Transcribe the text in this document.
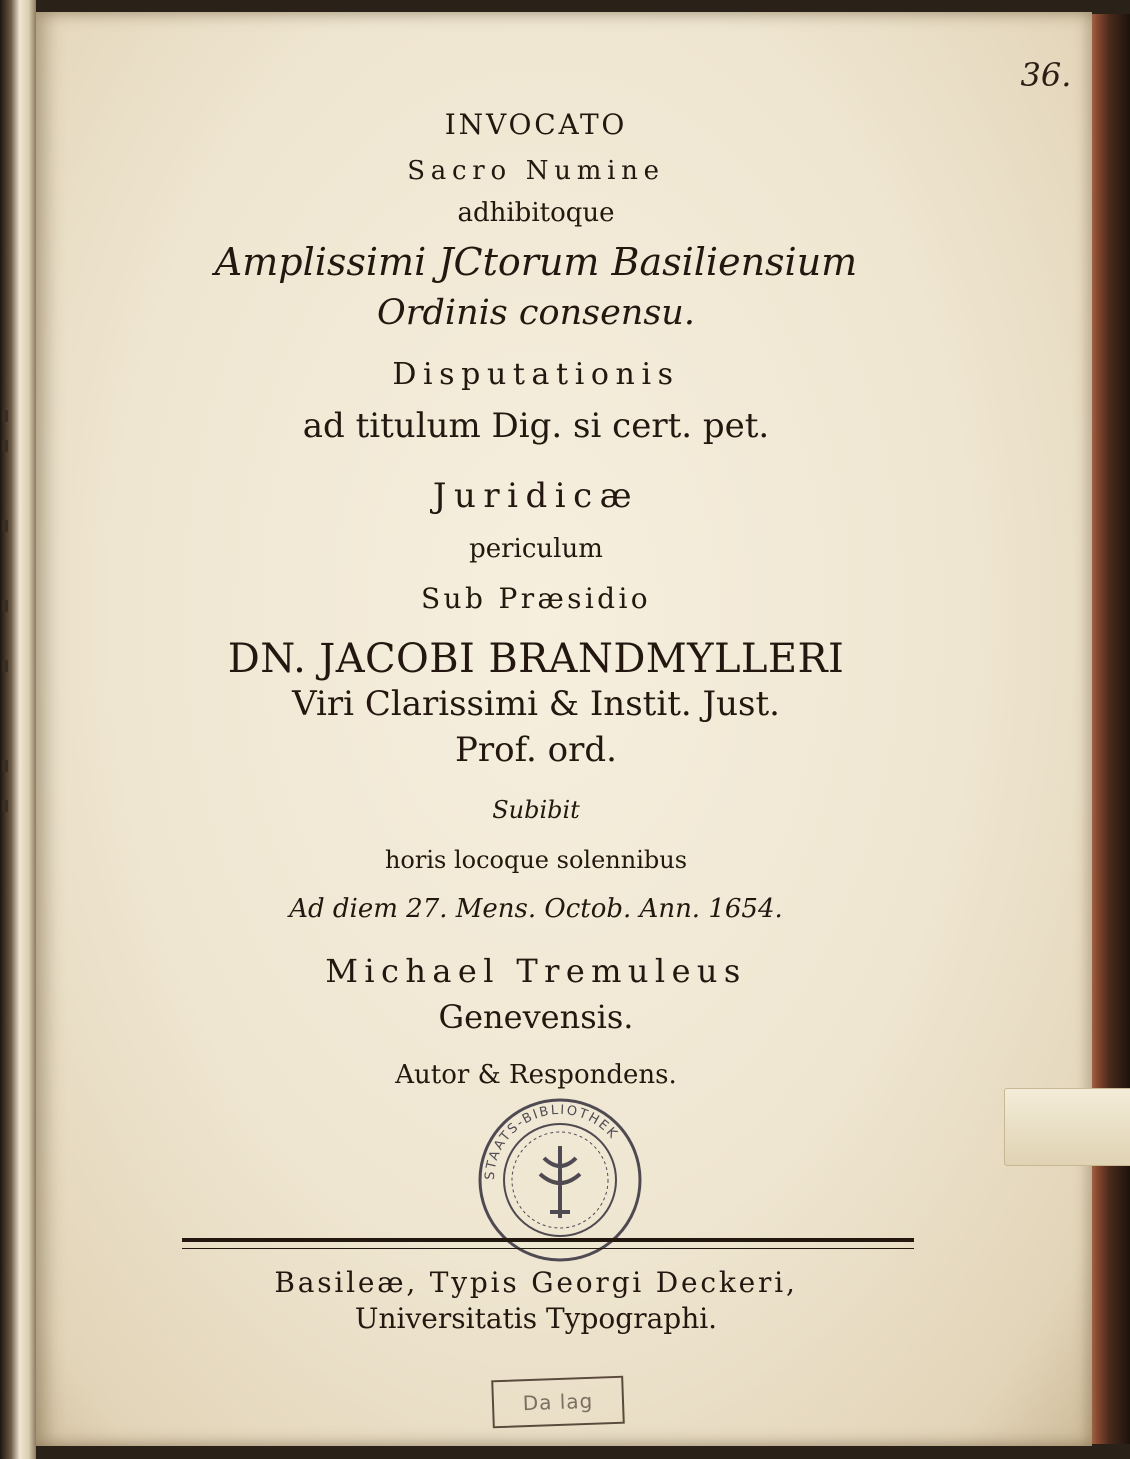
36.
INVOCATO
Sacro Numine
adhibitoque
Amplissimi JCtorum Basiliensium
Ordinis consensu.
Disputationis
ad titulum Dig. si cert. pet.
Juridicæ
periculum
Sub Præsidio
DN. JACOBI BRANDMYLLERI
Viri Clarissimi & Instit. Just.
Prof. ord.
Subibit
horis locoque solennibus
Ad diem 27. Mens. Octob. Ann. 1654.
Michael Tremuleus
Genevensis.
Autor & Respondens.
STAATS-BIBLIOTHEK
Basileæ, Typis Georgi Deckeri,
Universitatis Typographi.
Da lag
